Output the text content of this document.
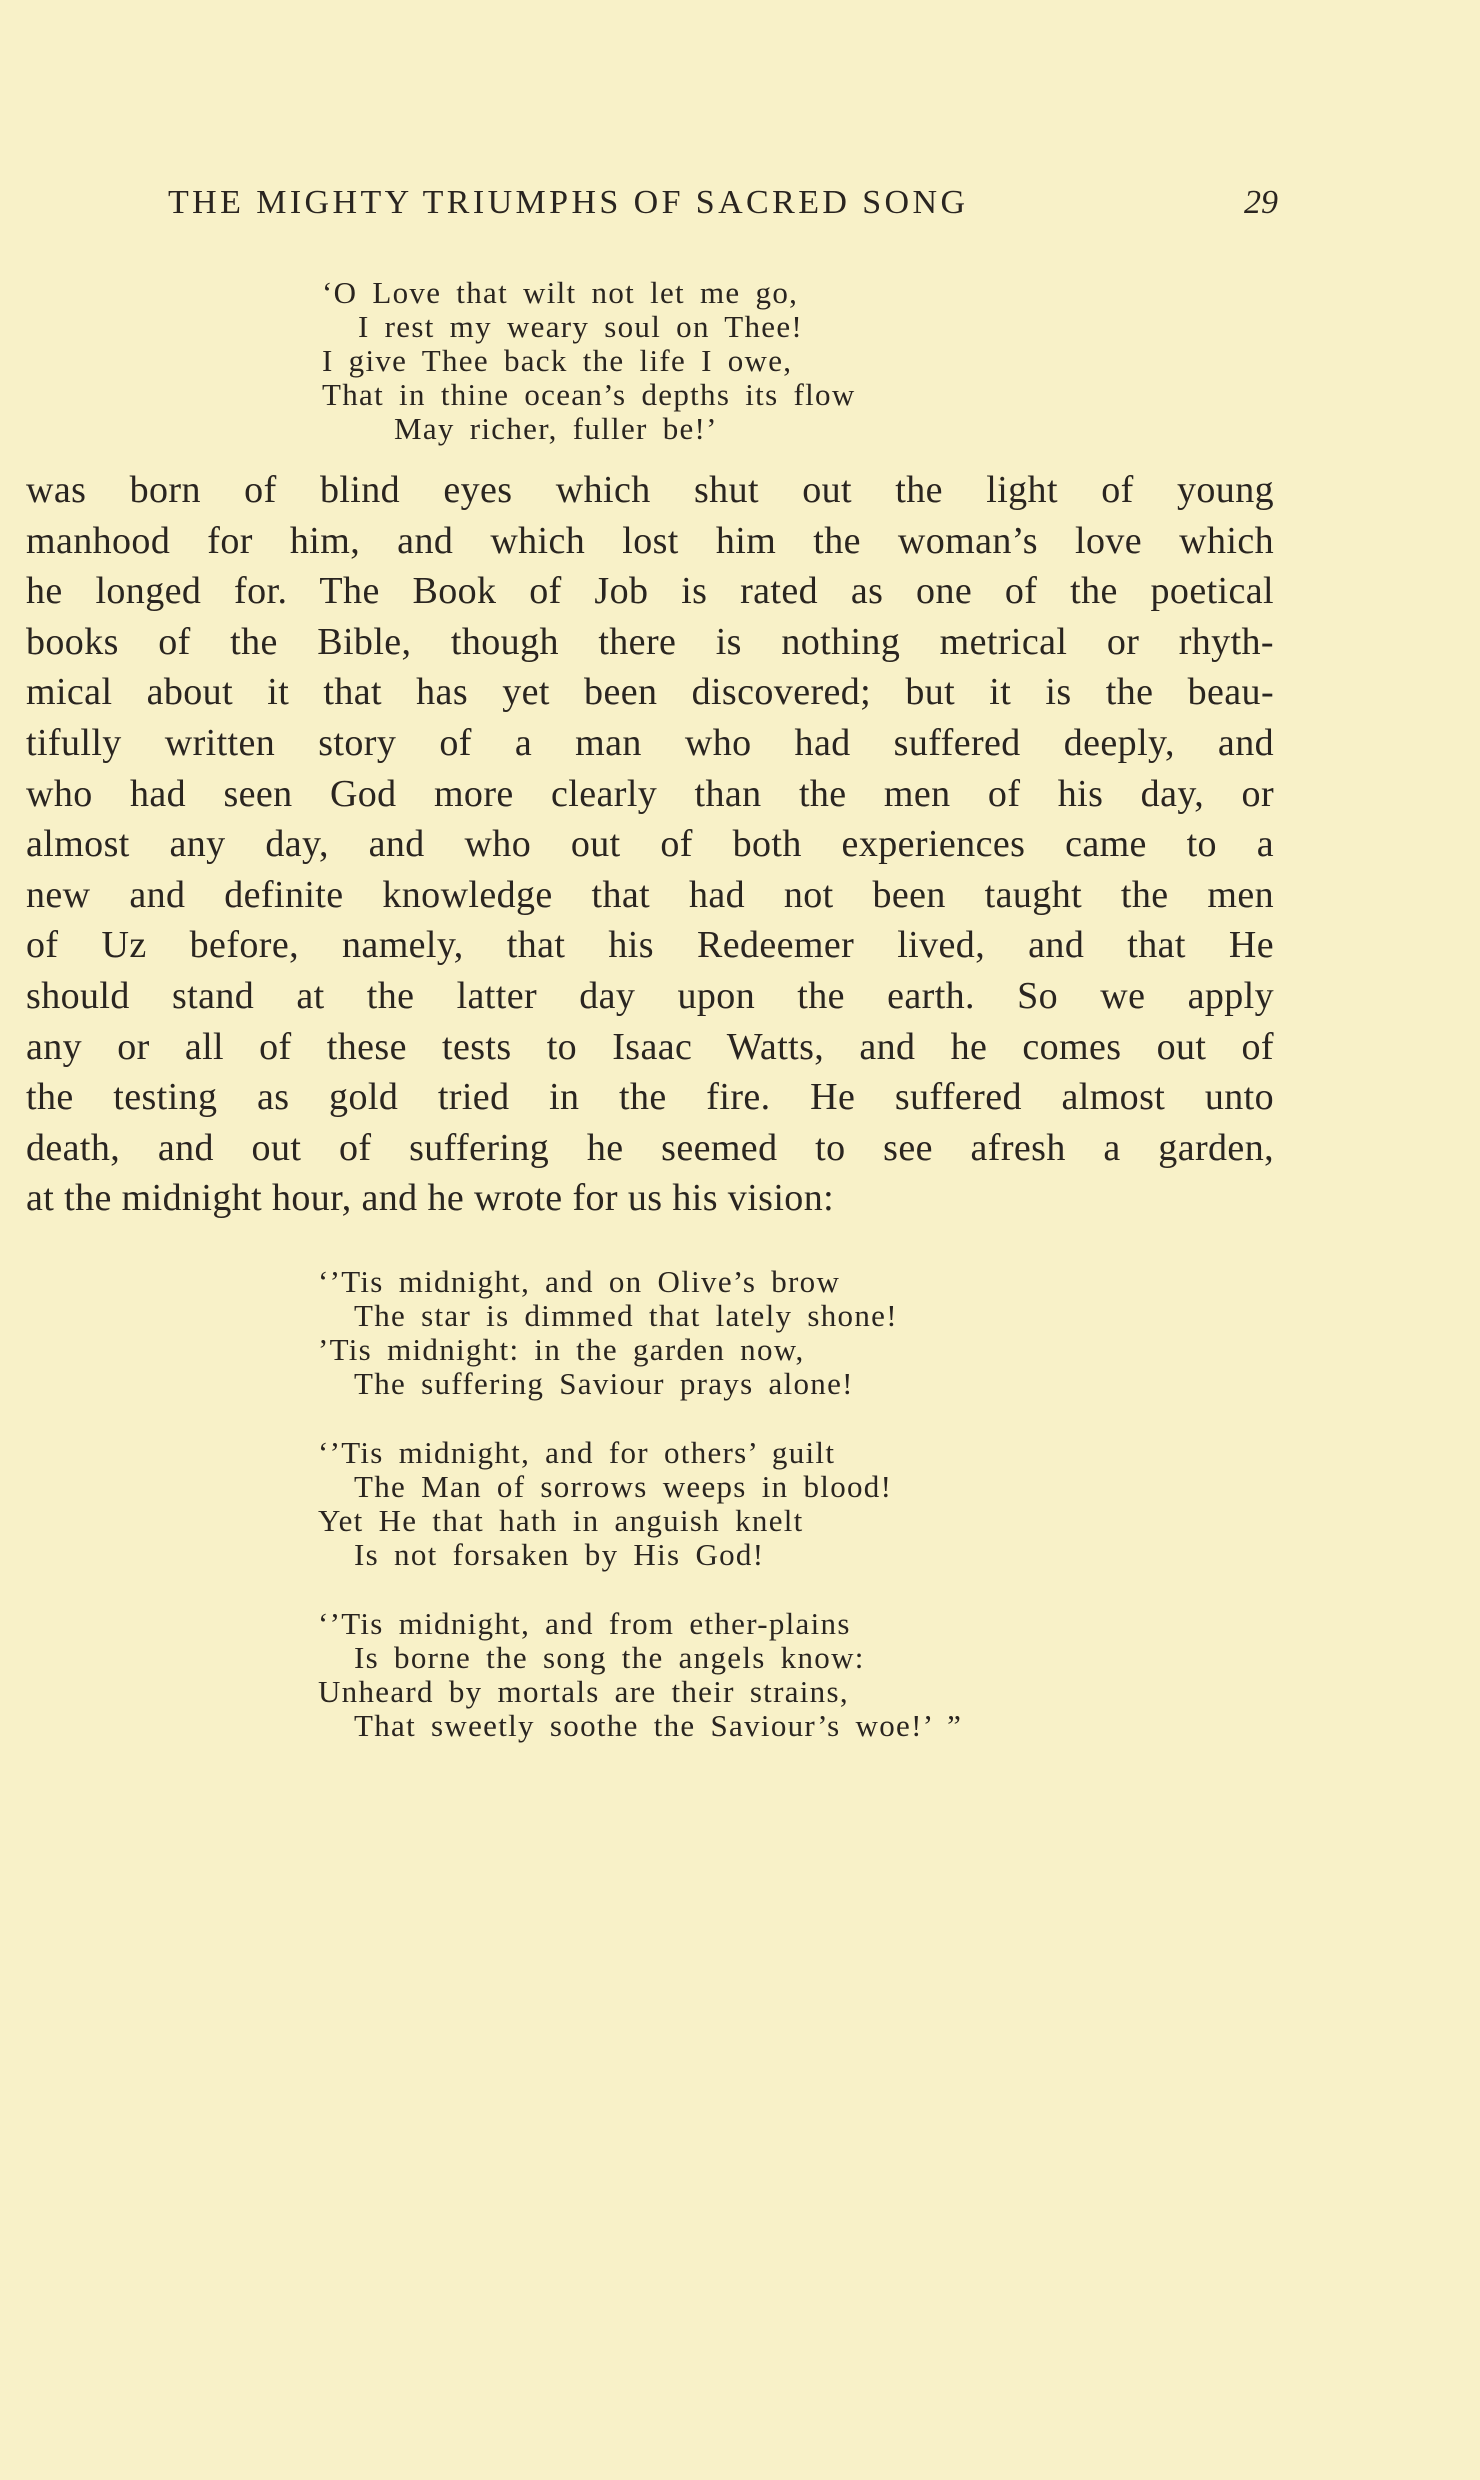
THE MIGHTY TRIUMPHS OF SACRED SONG	29
‘O Love that wilt not let me go,
I rest my weary soul on Thee!
I give Thee back the life I owe,
That in thine ocean’s depths its flow
May richer, fuller be!’
was born of blind eyes which shut out the light of young
manhood for him, and which lost him the woman’s love which
he longed for. The Book of Job is rated as one of the poetical
books of the Bible, though there is nothing metrical or rhyth-
mical about it that has yet been discovered; but it is the beau-
tifully written story of a man who had suffered deeply, and
who had seen God more clearly than the men of his day, or
almost any day, and who out of both experiences came to a
new and definite knowledge that had not been taught the men
of Uz before, namely, that his Redeemer lived, and that He
should stand at the latter day upon the earth. So we apply
any or all of these tests to Isaac Watts, and he comes out of
the testing as gold tried in the fire. He suffered almost unto
death, and out of suffering he seemed to see afresh a garden,
at the midnight hour, and he wrote for us his vision:
‘’Tis midnight, and on Olive’s brow
The star is dimmed that lately shone!
’Tis midnight: in the garden now,
The suffering Saviour prays alone!
‘’Tis midnight, and for others’ guilt
The Man of sorrows weeps in blood!
Yet He that hath in anguish knelt
Is not forsaken by His God!
‘’Tis midnight, and from ether-plains
Is borne the song the angels know:
Unheard by mortals are their strains,
That sweetly soothe the Saviour’s woe!’ ”
